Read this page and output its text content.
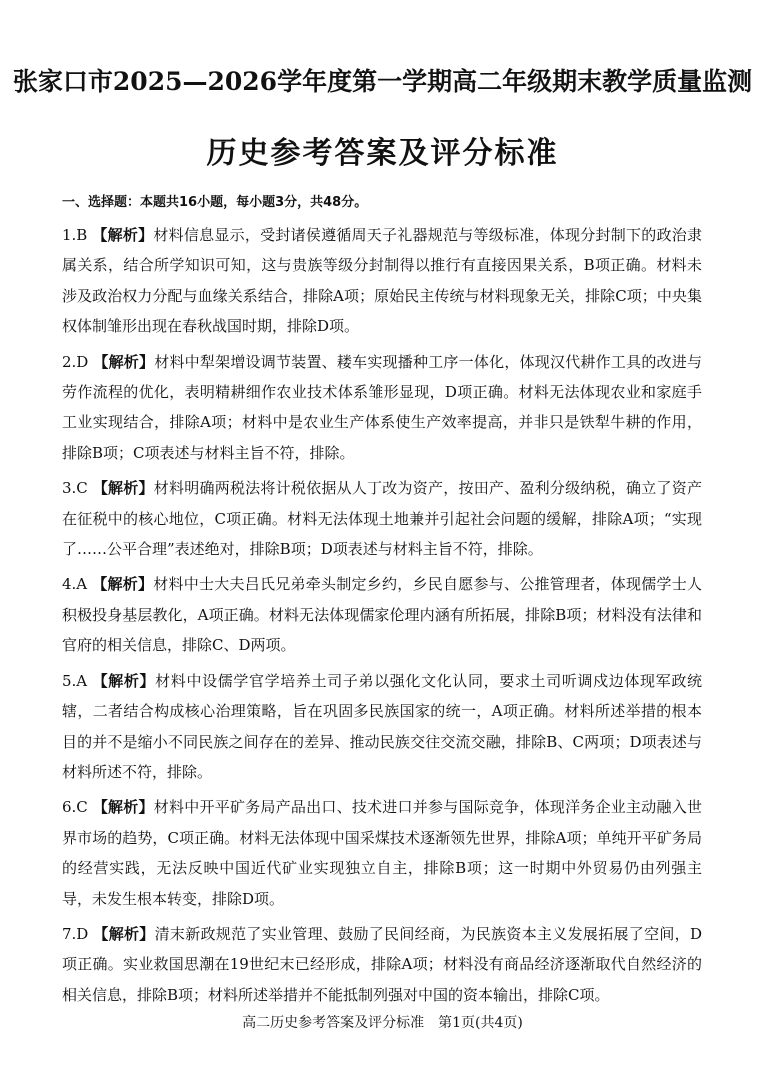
张家口市2025—2026学年度第一学期高二年级期末教学质量监测
历史参考答案及评分标准
一、选择题：本题共16小题，每小题3分，共48分。
1.B 【解析】材料信息显示，受封诸侯遵循周天子礼器规范与等级标准，体现分封制下的政治隶属关系，结合所学知识可知，这与贵族等级分封制得以推行有直接因果关系，B项正确。材料未涉及政治权力分配与血缘关系结合，排除A项；原始民主传统与材料现象无关，排除C项；中央集权体制雏形出现在春秋战国时期，排除D项。
2.D 【解析】材料中犁架增设调节装置、耧车实现播种工序一体化，体现汉代耕作工具的改进与劳作流程的优化，表明精耕细作农业技术体系雏形显现，D项正确。材料无法体现农业和家庭手工业实现结合，排除A项；材料中是农业生产体系使生产效率提高，并非只是铁犁牛耕的作用，排除B项；C项表述与材料主旨不符，排除。
3.C 【解析】材料明确两税法将计税依据从人丁改为资产，按田产、盈利分级纳税，确立了资产在征税中的核心地位，C项正确。材料无法体现土地兼并引起社会问题的缓解，排除A项；“实现了……公平合理”表述绝对，排除B项；D项表述与材料主旨不符，排除。
4.A 【解析】材料中士大夫吕氏兄弟牵头制定乡约，乡民自愿参与、公推管理者，体现儒学士人积极投身基层教化，A项正确。材料无法体现儒家伦理内涵有所拓展，排除B项；材料没有法律和官府的相关信息，排除C、D两项。
5.A 【解析】材料中设儒学官学培养土司子弟以强化文化认同，要求土司听调戍边体现军政统辖，二者结合构成核心治理策略，旨在巩固多民族国家的统一，A项正确。材料所述举措的根本目的并不是缩小不同民族之间存在的差异、推动民族交往交流交融，排除B、C两项；D项表述与材料所述不符，排除。
6.C 【解析】材料中开平矿务局产品出口、技术进口并参与国际竞争，体现洋务企业主动融入世界市场的趋势，C项正确。材料无法体现中国采煤技术逐渐领先世界，排除A项；单纯开平矿务局的经营实践，无法反映中国近代矿业实现独立自主，排除B项；这一时期中外贸易仍由列强主导，未发生根本转变，排除D项。
7.D 【解析】清末新政规范了实业管理、鼓励了民间经商，为民族资本主义发展拓展了空间，D项正确。实业救国思潮在19世纪末已经形成，排除A项；材料没有商品经济逐渐取代自然经济的相关信息，排除B项；材料所述举措并不能抵制列强对中国的资本输出，排除C项。
高二历史参考答案及评分标准　第1页(共4页)
